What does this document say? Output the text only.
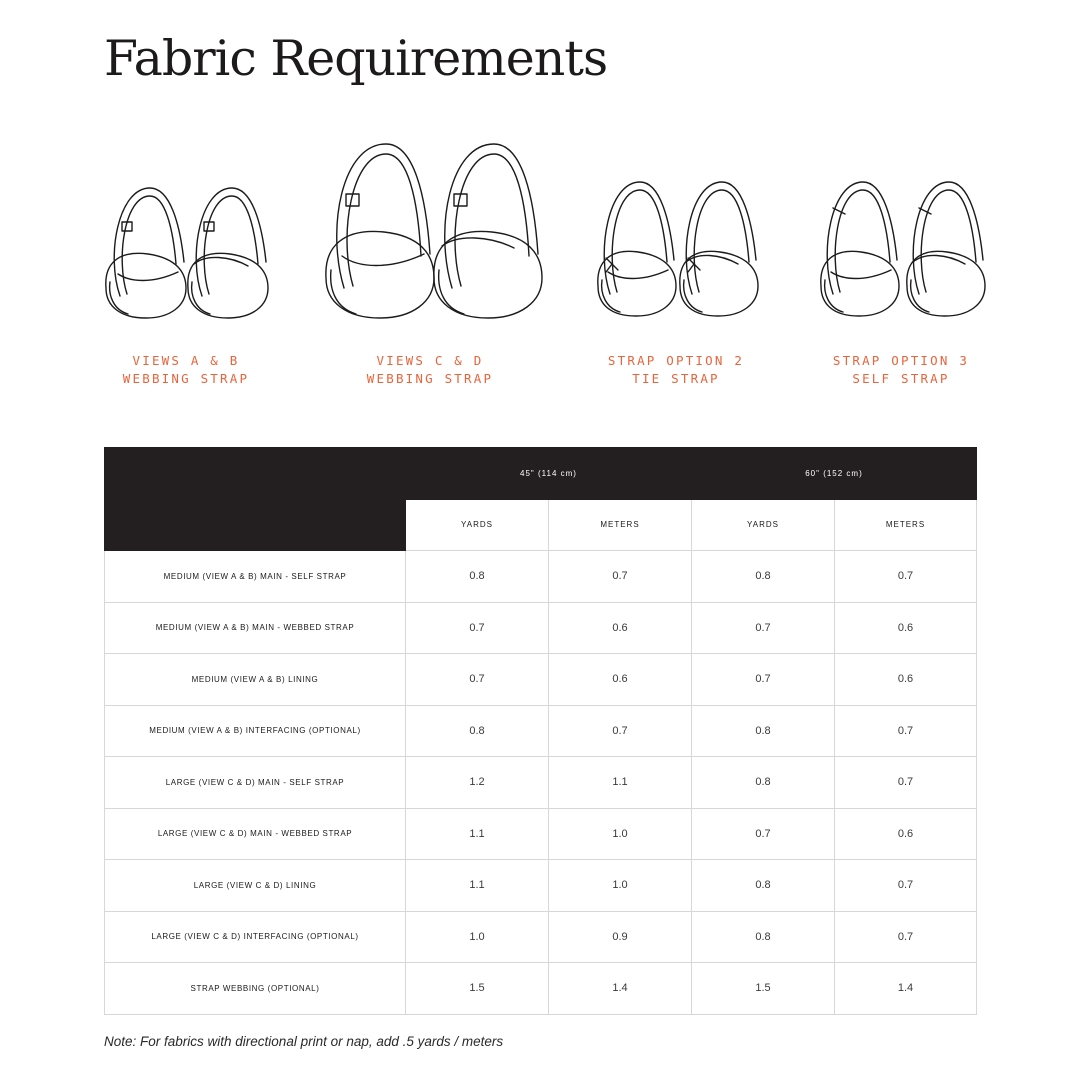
Fabric Requirements
VIEWS A & B
WEBBING STRAP
VIEWS C & D
WEBBING STRAP
STRAP OPTION 2
TIE STRAP
STRAP OPTION 3
SELF STRAP
	45" (114 cm)		60" (152 cm)	
	YARDS	METERS	YARDS	METERS
MEDIUM (VIEW A & B) MAIN - SELF STRAP	0.8	0.7	0.8	0.7
MEDIUM (VIEW A & B) MAIN - WEBBED STRAP	0.7	0.6	0.7	0.6
MEDIUM (VIEW A & B) LINING	0.7	0.6	0.7	0.6
MEDIUM (VIEW A & B) INTERFACING (OPTIONAL)	0.8	0.7	0.8	0.7
LARGE (VIEW C & D) MAIN - SELF STRAP	1.2	1.1	0.8	0.7
LARGE (VIEW C & D) MAIN - WEBBED STRAP	1.1	1.0	0.7	0.6
LARGE (VIEW C & D) LINING	1.1	1.0	0.8	0.7
LARGE (VIEW C & D) INTERFACING (OPTIONAL)	1.0	0.9	0.8	0.7
STRAP WEBBING (OPTIONAL)	1.5	1.4	1.5	1.4

Note: For fabrics with directional print or nap, add .5 yards / meters
